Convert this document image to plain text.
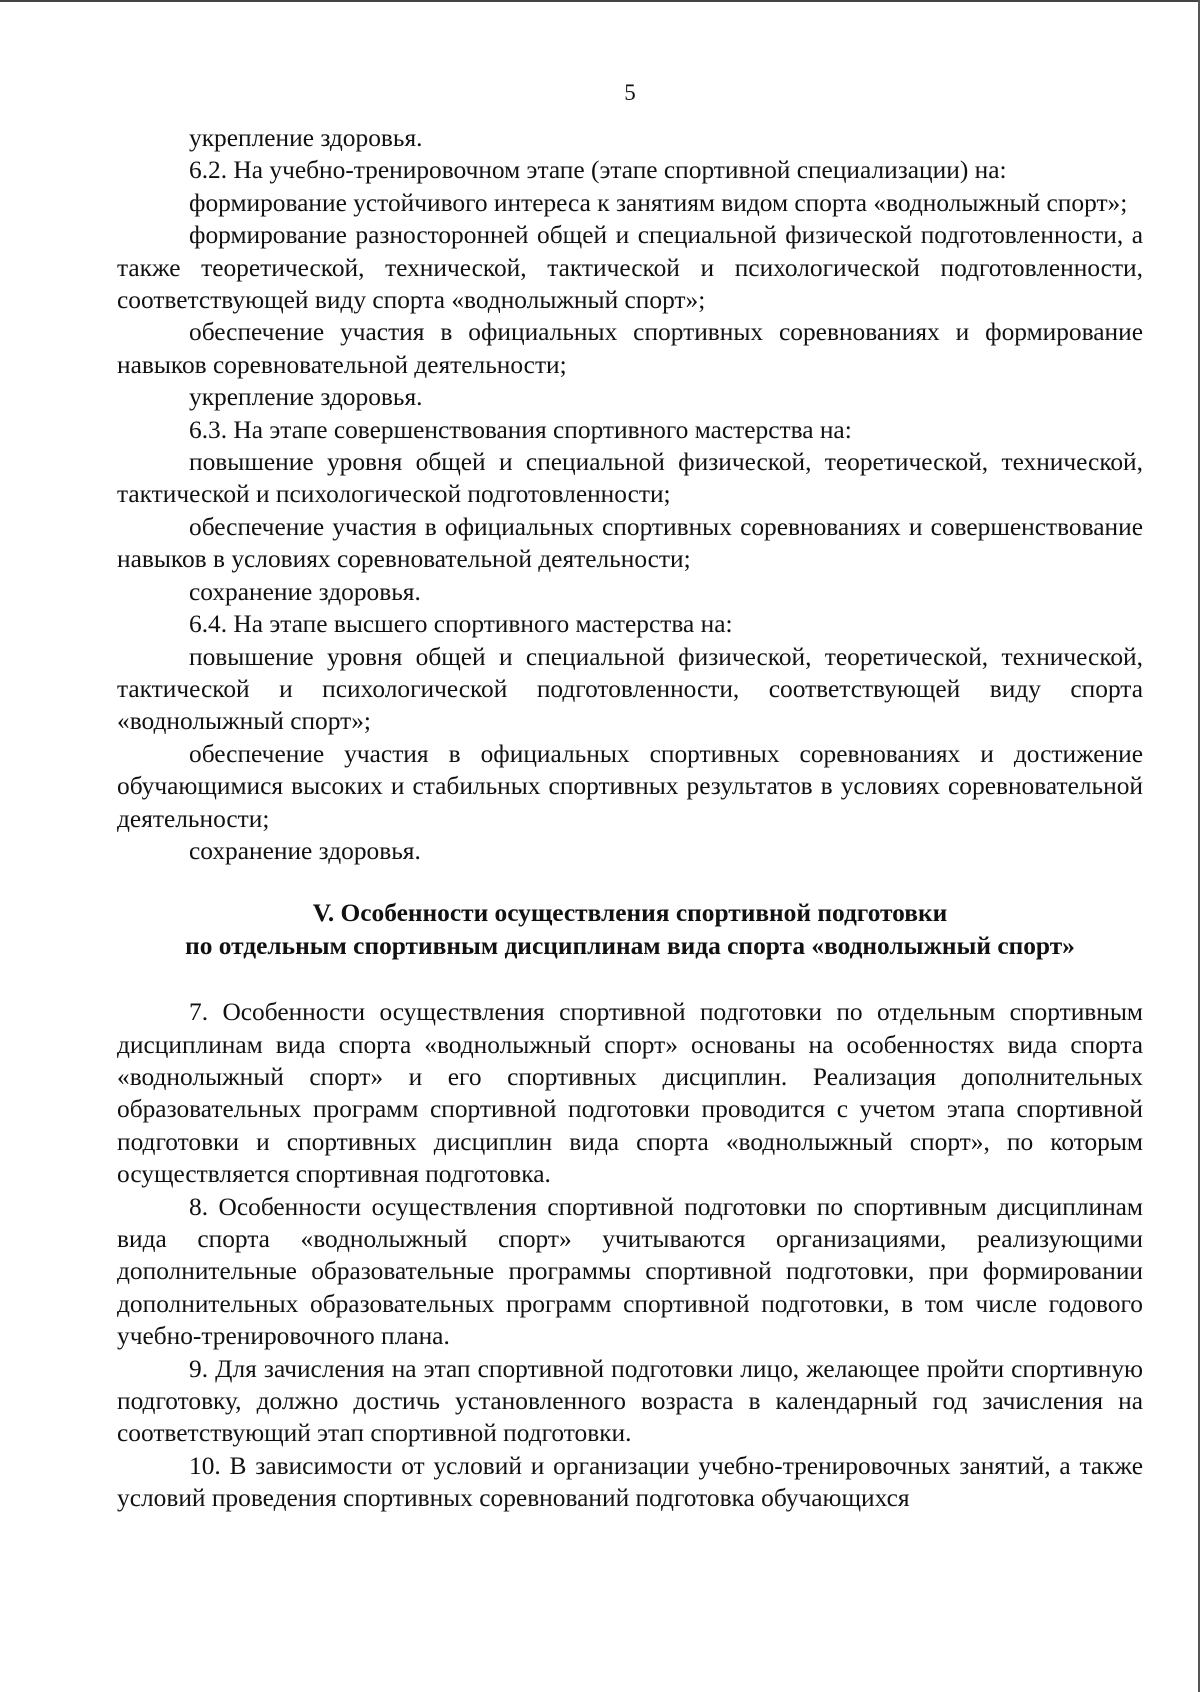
5

укрепление здоровья.

6.2. На учебно-тренировочном этапе (этапе спортивной специализации) на:

формирование устойчивого интереса к занятиям видом спорта «воднолыжный спорт»;

формирование разносторонней общей и специальной физической подготовленности, а также теоретической, технической, тактической и психологической подготовленности, соответствующей виду спорта «воднолыжный спорт»;

обеспечение участия в официальных спортивных соревнованиях и формирование навыков соревновательной деятельности;

укрепление здоровья.

6.3. На этапе совершенствования спортивного мастерства на:

повышение уровня общей и специальной физической, теоретической, технической, тактической и психологической подготовленности;

обеспечение участия в официальных спортивных соревнованиях и совершенствование навыков в условиях соревновательной деятельности;

сохранение здоровья.

6.4. На этапе высшего спортивного мастерства на:

повышение уровня общей и специальной физической, теоретической, технической, тактической и психологической подготовленности, соответствующей виду спорта «воднолыжный спорт»;

обеспечение участия в официальных спортивных соревнованиях и достижение обучающимися высоких и стабильных спортивных результатов в условиях соревновательной деятельности;

сохранение здоровья.

V. Особенности осуществления спортивной подготовки
по отдельным спортивным дисциплинам вида спорта «воднолыжный спорт»

7. Особенности осуществления спортивной подготовки по отдельным спортивным дисциплинам вида спорта «воднолыжный спорт» основаны на особенностях вида спорта «воднолыжный спорт» и его спортивных дисциплин. Реализация дополнительных образовательных программ спортивной подготовки проводится с учетом этапа спортивной подготовки и спортивных дисциплин вида спорта «воднолыжный спорт», по которым осуществляется спортивная подготовка.

8. Особенности осуществления спортивной подготовки по спортивным дисциплинам вида спорта «воднолыжный спорт» учитываются организациями, реализующими дополнительные образовательные программы спортивной подготовки, при формировании дополнительных образовательных программ спортивной подготовки, в том числе годового учебно-тренировочного плана.

9. Для зачисления на этап спортивной подготовки лицо, желающее пройти спортивную подготовку, должно достичь установленного возраста в календарный год зачисления на соответствующий этап спортивной подготовки.

10. В зависимости от условий и организации учебно-тренировочных занятий, а также условий проведения спортивных соревнований подготовка обучающихся
